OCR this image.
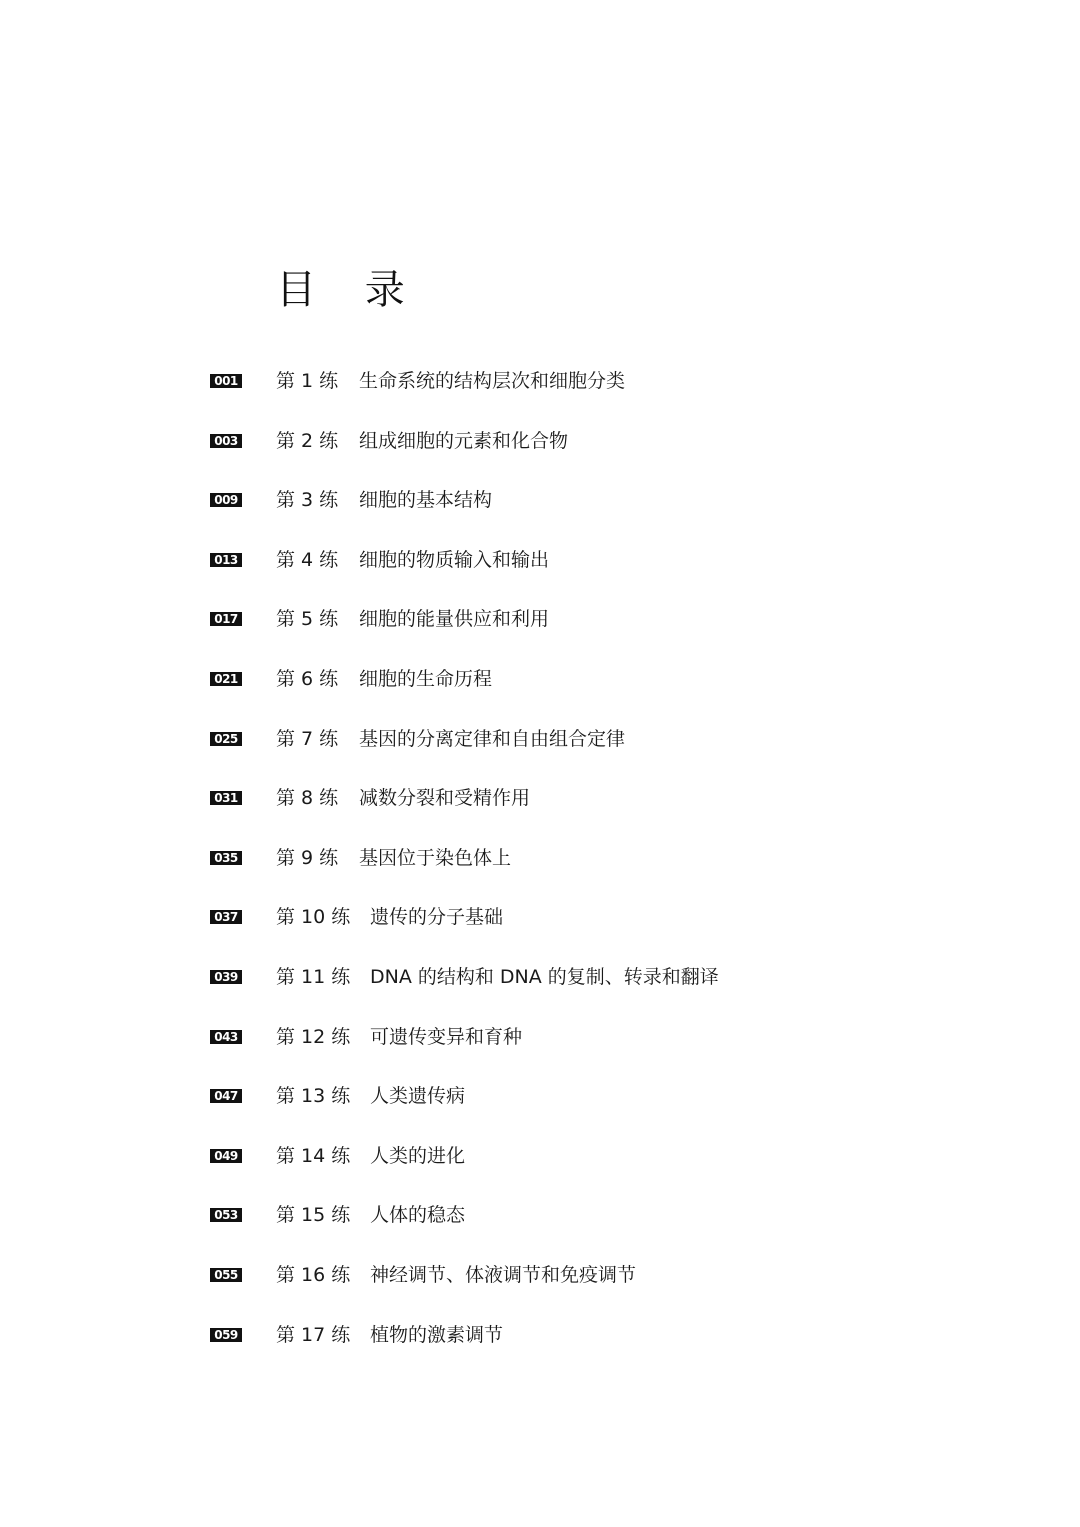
目 录
001 第 1 练 生命系统的结构层次和细胞分类
003 第 2 练 组成细胞的元素和化合物
009 第 3 练 细胞的基本结构
013 第 4 练 细胞的物质输入和输出
017 第 5 练 细胞的能量供应和利用
021 第 6 练 细胞的生命历程
025 第 7 练 基因的分离定律和自由组合定律
031 第 8 练 减数分裂和受精作用
035 第 9 练 基因位于染色体上
037 第 10 练 遗传的分子基础
039 第 11 练 DNA 的结构和 DNA 的复制、转录和翻译
043 第 12 练 可遗传变异和育种
047 第 13 练 人类遗传病
049 第 14 练 人类的进化
053 第 15 练 人体的稳态
055 第 16 练 神经调节、体液调节和免疫调节
059 第 17 练 植物的激素调节
